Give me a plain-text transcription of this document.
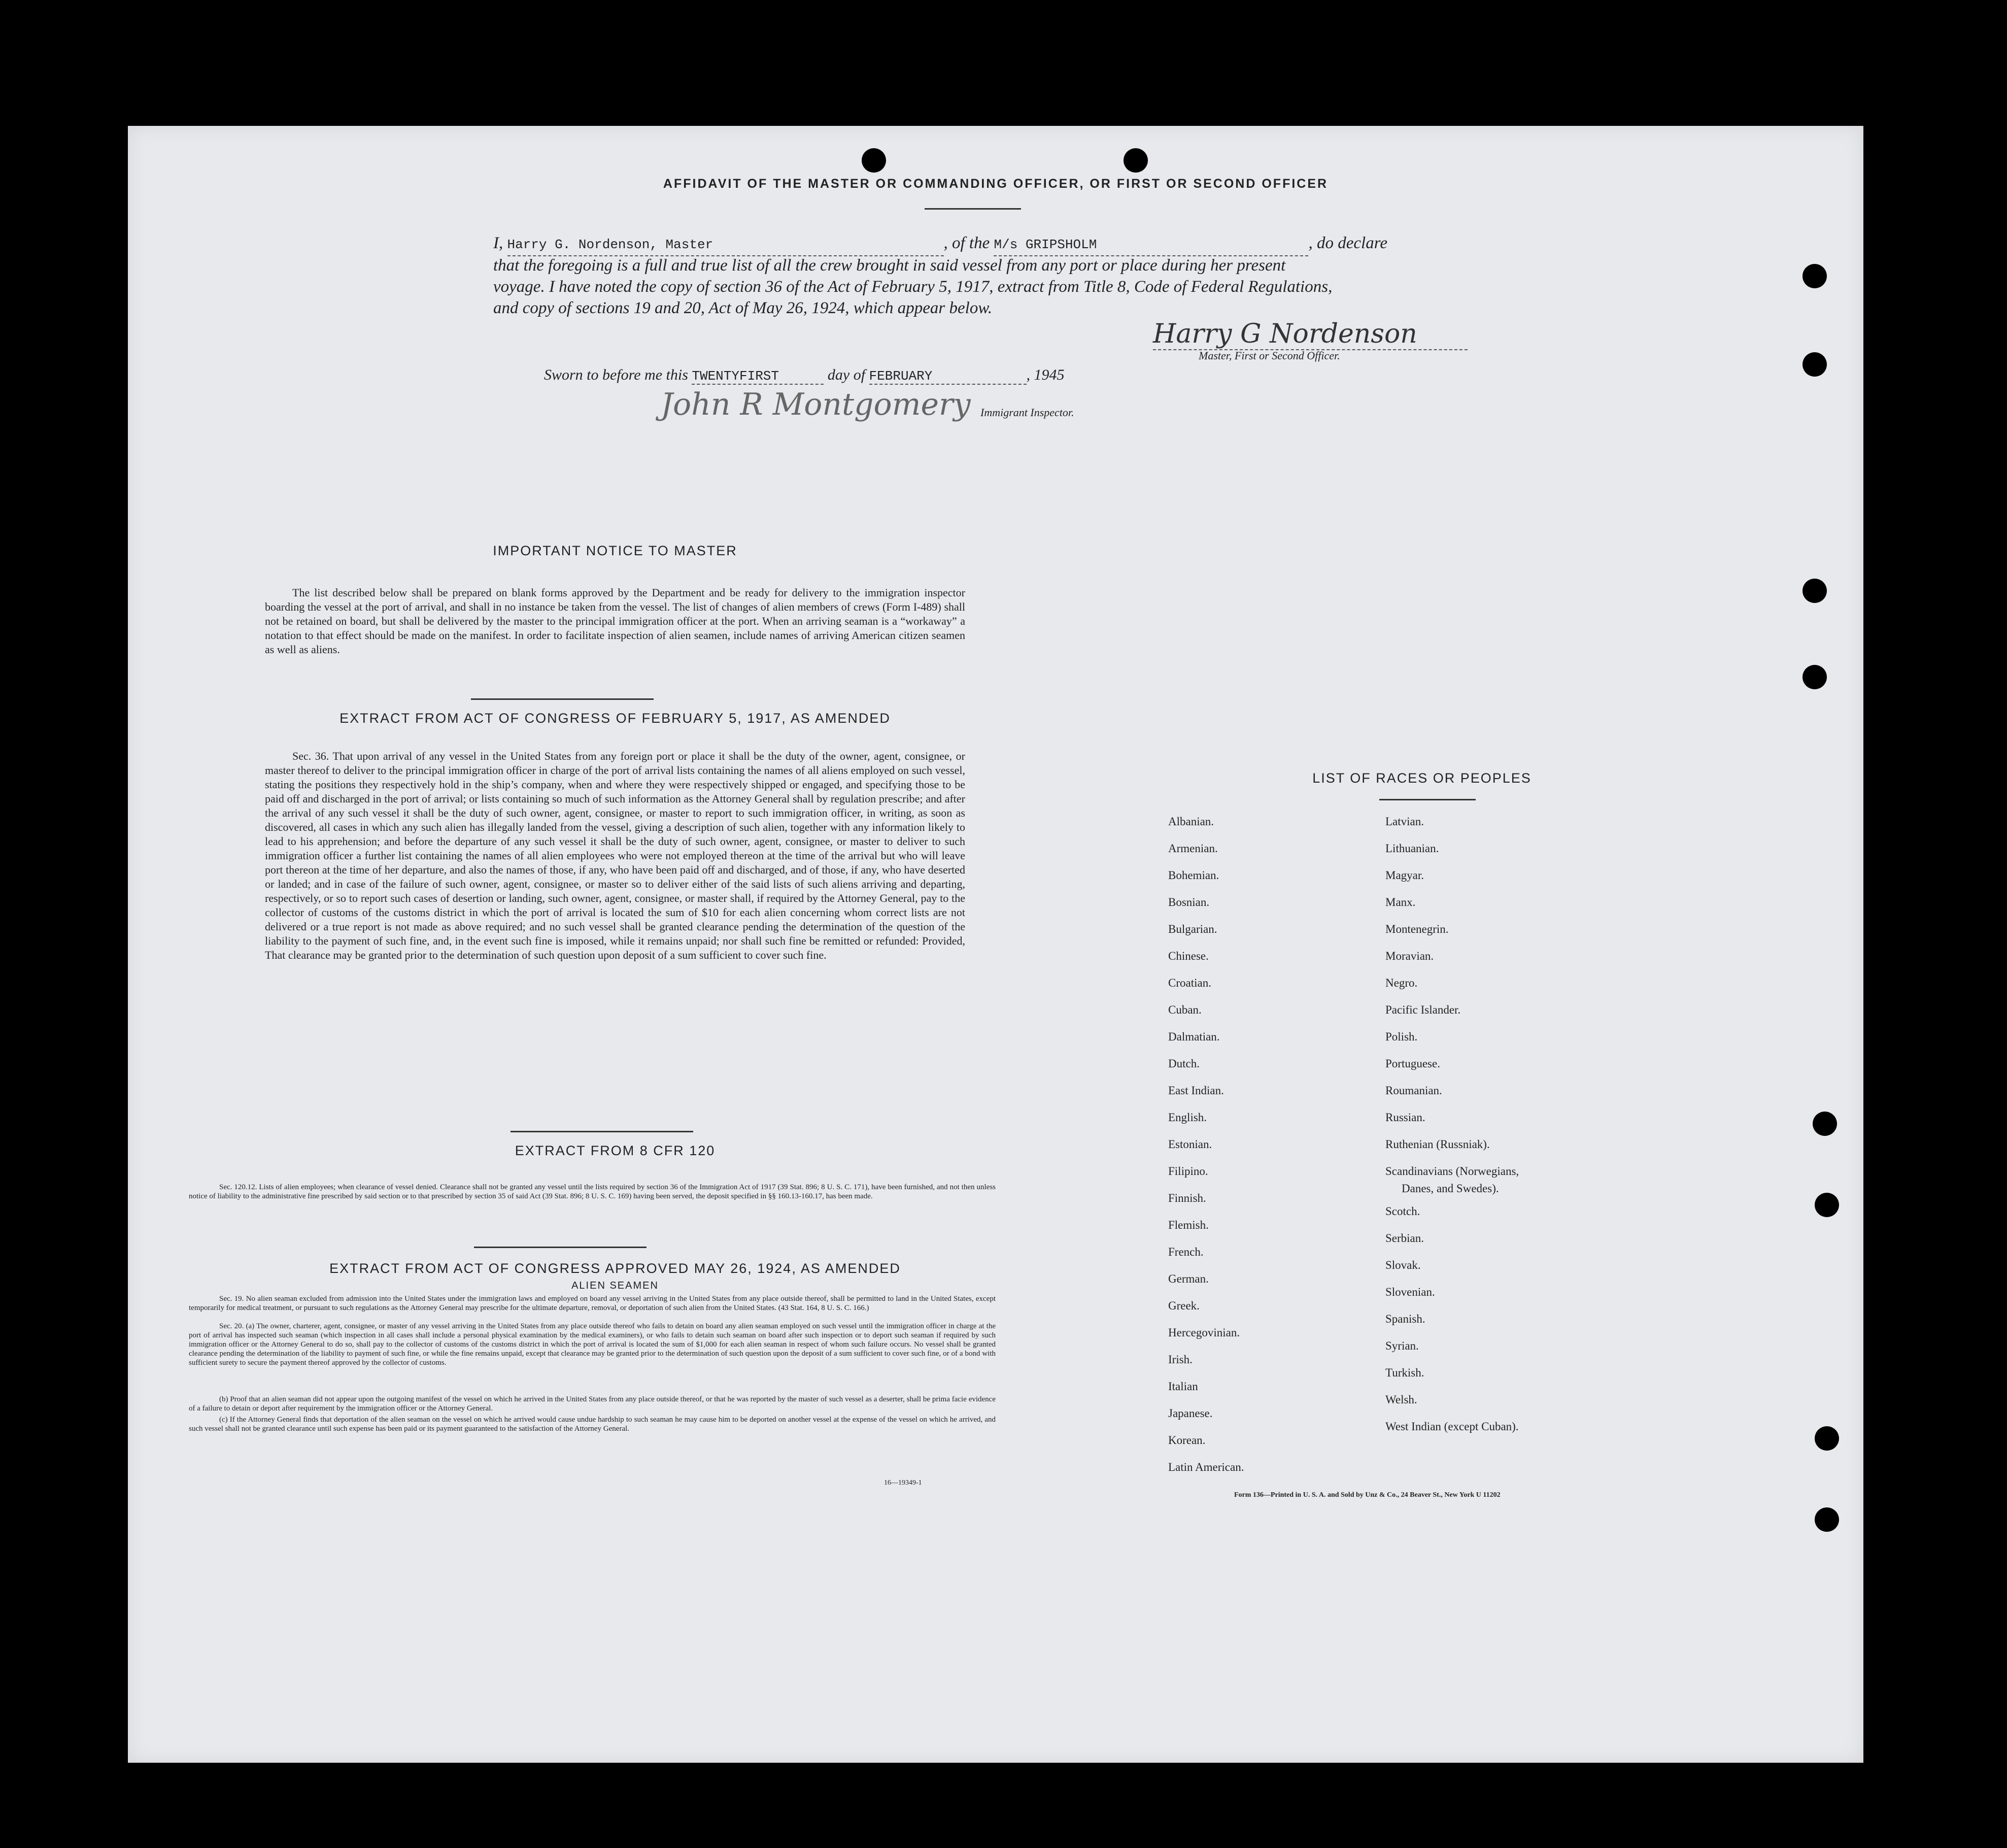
AFFIDAVIT OF THE MASTER OR COMMANDING OFFICER, OR FIRST OR SECOND OFFICER
I, Harry G. Nordenson, Master	, of the M/s GRIPSHOLM	, do declare
that the foregoing is a full and true list of all the crew brought in said vessel from any port or place during her present
voyage. I have noted the copy of section 36 of the Act of February 5, 1917, extract from Title 8, Code of Federal Regulations,
and copy of sections 19 and 20, Act of May 26, 1924, which appear below.
Harry G Nordenson
Master, First or Second Officer.
Sworn to before me this TWENTYFIRST	day of FEBRUARY	, 1945
John R Montgomery Immigrant Inspector.
IMPORTANT NOTICE TO MASTER

The list described below shall be prepared on blank forms approved by the Department and be ready for delivery to the immigration inspector boarding the vessel at the port of arrival, and shall in no instance be taken from the vessel. The list of changes of alien members of crews (Form I-489) shall not be retained on board, but shall be delivered by the master to the principal immigration officer at the port. When an arriving seaman is a “workaway” a notation to that effect should be made on the manifest. In order to facilitate inspection of alien seamen, include names of arriving American citizen seamen as well as aliens.

EXTRACT FROM ACT OF CONGRESS OF FEBRUARY 5, 1917, AS AMENDED

Sec. 36. That upon arrival of any vessel in the United States from any foreign port or place it shall be the duty of the owner, agent, consignee, or master thereof to deliver to the principal immigration officer in charge of the port of arrival lists containing the names of all aliens employed on such vessel, stating the positions they respectively hold in the ship’s company, when and where they were respectively shipped or engaged, and specifying those to be paid off and discharged in the port of arrival; or lists containing so much of such information as the Attorney General shall by regulation prescribe; and after the arrival of any such vessel it shall be the duty of such owner, agent, consignee, or master to report to such immigration officer, in writing, as soon as discovered, all cases in which any such alien has illegally landed from the vessel, giving a description of such alien, together with any information likely to lead to his apprehension; and before the departure of any such vessel it shall be the duty of such owner, agent, consignee, or master to deliver to such immigration officer a further list containing the names of all alien employees who were not employed thereon at the time of the arrival but who will leave port thereon at the time of her departure, and also the names of those, if any, who have been paid off and discharged, and of those, if any, who have deserted or landed; and in case of the failure of such owner, agent, consignee, or master so to deliver either of the said lists of such aliens arriving and departing, respectively, or so to report such cases of desertion or landing, such owner, agent, consignee, or master shall, if required by the Attorney General, pay to the collector of customs of the customs district in which the port of arrival is located the sum of $10 for each alien concerning whom correct lists are not delivered or a true report is not made as above required; and no such vessel shall be granted clearance pending the determination of the question of the liability to the payment of such fine, and, in the event such fine is imposed, while it remains unpaid; nor shall such fine be remitted or refunded: Provided, That clearance may be granted prior to the determination of such question upon deposit of a sum sufficient to cover such fine.

EXTRACT FROM 8 CFR 120

Sec. 120.12. Lists of alien employees; when clearance of vessel denied. Clearance shall not be granted any vessel until the lists required by section 36 of the Immigration Act of 1917 (39 Stat. 896; 8 U. S. C. 171), have been furnished, and not then unless notice of liability to the administrative fine prescribed by said section or to that prescribed by section 35 of said Act (39 Stat. 896; 8 U. S. C. 169) having been served, the deposit specified in §§ 160.13-160.17, has been made.

EXTRACT FROM ACT OF CONGRESS APPROVED MAY 26, 1924, AS AMENDED
ALIEN SEAMEN

Sec. 19. No alien seaman excluded from admission into the United States under the immigration laws and employed on board any vessel arriving in the United States from any place outside thereof, shall be permitted to land in the United States, except temporarily for medical treatment, or pursuant to such regulations as the Attorney General may prescribe for the ultimate departure, removal, or deportation of such alien from the United States. (43 Stat. 164, 8 U. S. C. 166.)

Sec. 20. (a) The owner, charterer, agent, consignee, or master of any vessel arriving in the United States from any place outside thereof who fails to detain on board any alien seaman employed on such vessel until the immigration officer in charge at the port of arrival has inspected such seaman (which inspection in all cases shall include a personal physical examination by the medical examiners), or who fails to detain such seaman on board after such inspection or to deport such seaman if required by such immigration officer or the Attorney General to do so, shall pay to the collector of customs of the customs district in which the port of arrival is located the sum of $1,000 for each alien seaman in respect of whom such failure occurs. No vessel shall be granted clearance pending the determination of the liability to payment of such fine, or while the fine remains unpaid, except that clearance may be granted prior to the determination of such question upon the deposit of a sum sufficient to cover such fine, or of a bond with sufficient surety to secure the payment thereof approved by the collector of customs.

(b) Proof that an alien seaman did not appear upon the outgoing manifest of the vessel on which he arrived in the United States from any place outside thereof, or that he was reported by the master of such vessel as a deserter, shall be prima facie evidence of a failure to detain or deport after requirement by the immigration officer or the Attorney General.

(c) If the Attorney General finds that deportation of the alien seaman on the vessel on which he arrived would cause undue hardship to such seaman he may cause him to be deported on another vessel at the expense of the vessel on which he arrived, and such vessel shall not be granted clearance until such expense has been paid or its payment guaranteed to the satisfaction of the Attorney General.

16—19349-1
LIST OF RACES OR PEOPLES
Albanian.
Armenian.
Bohemian.
Bosnian.
Bulgarian.
Chinese.
Croatian.
Cuban.
Dalmatian.
Dutch.
East Indian.
English.
Estonian.
Filipino.
Finnish.
Flemish.
French.
German.
Greek.
Hercegovinian.
Irish.
Italian
Japanese.
Korean.
Latin American.
Latvian.
Lithuanian.
Magyar.
Manx.
Montenegrin.
Moravian.
Negro.
Pacific Islander.
Polish.
Portuguese.
Roumanian.
Russian.
Ruthenian (Russniak).
Scandinavians (Norwegians,
Danes, and Swedes).
Scotch.
Serbian.
Slovak.
Slovenian.
Spanish.
Syrian.
Turkish.
Welsh.
West Indian (except Cuban).
Form 136—Printed in U. S. A. and Sold by Unz & Co., 24 Beaver St., New York U 11202
